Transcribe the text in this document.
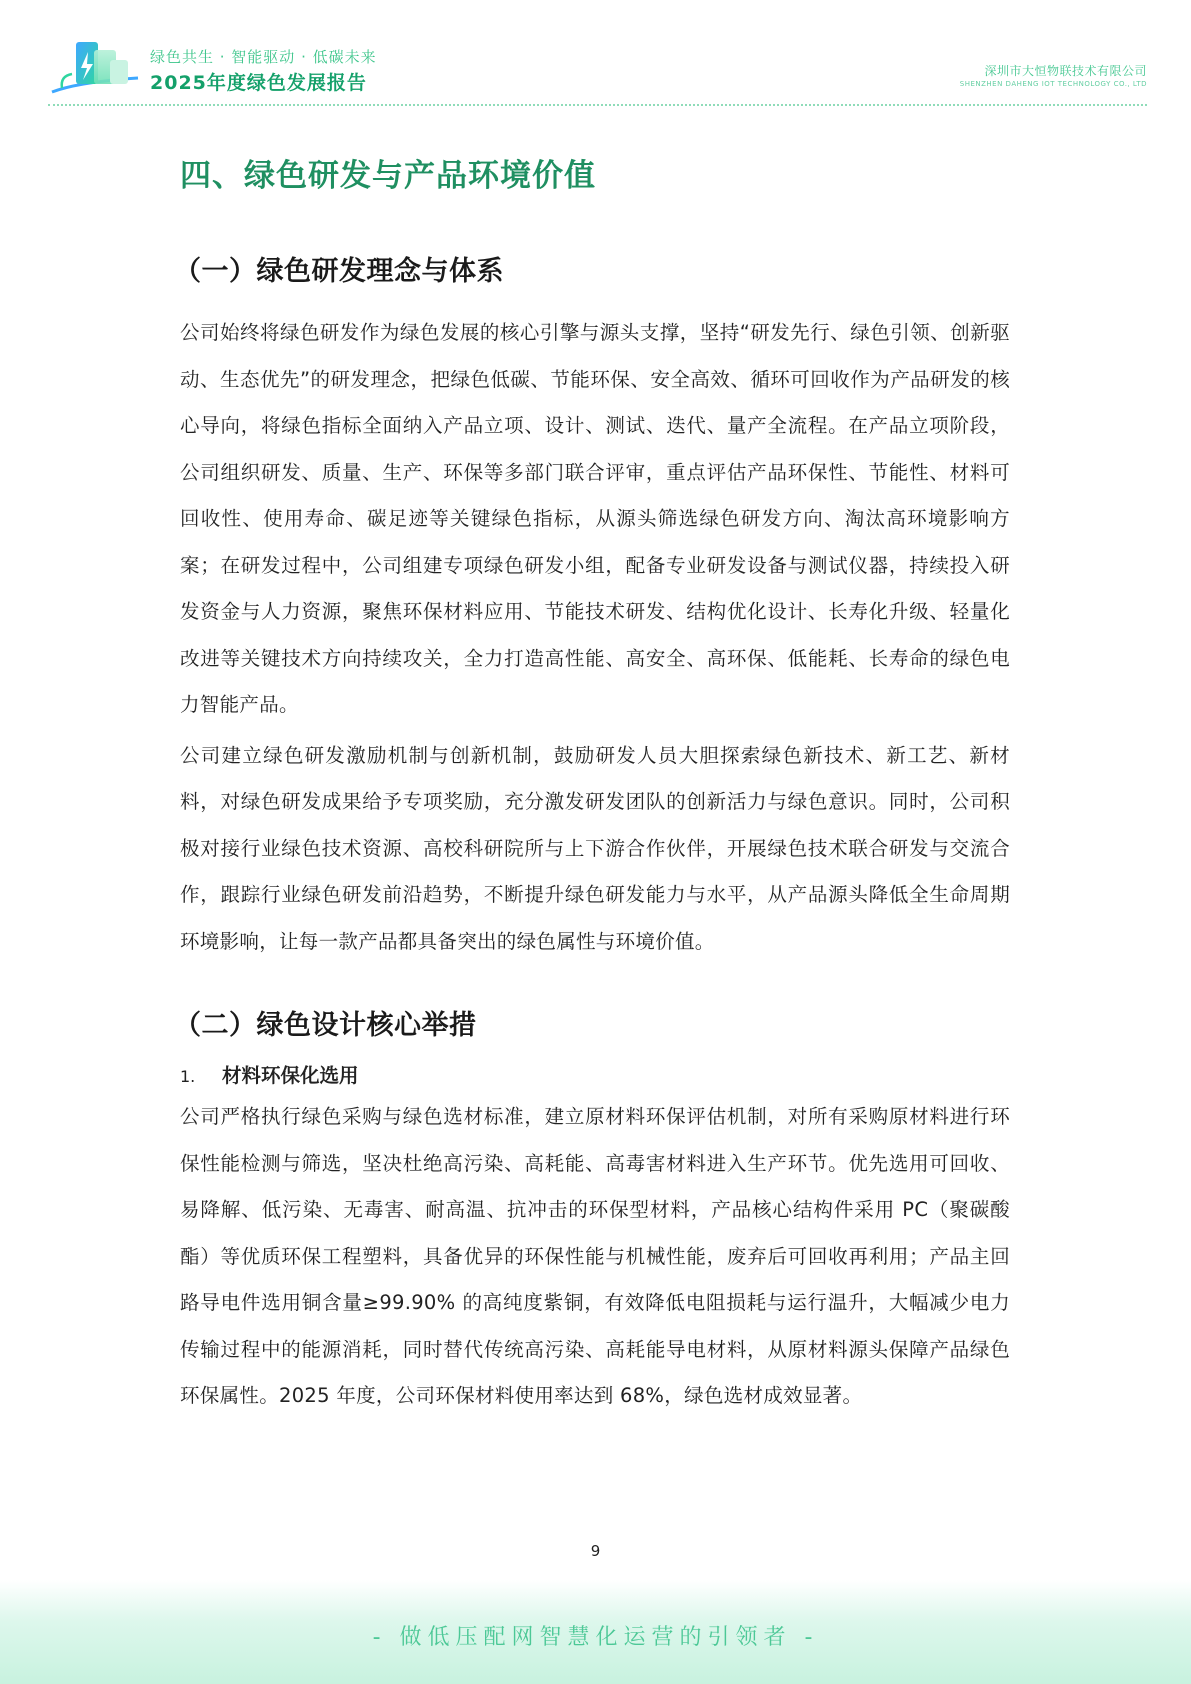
绿色共生 · 智能驱动 · 低碳未来
2025年度绿色发展报告
深圳市大恒物联技术有限公司
SHENZHEN DAHENG IOT TECHNOLOGY CO., LTD
四、绿色研发与产品环境价值
（一）绿色研发理念与体系

公司始终将绿色研发作为绿色发展的核心引擎与源头支撑，坚持“研发先行、绿色引领、创新驱动、生态优先”的研发理念，把绿色低碳、节能环保、安全高效、循环可回收作为产品研发的核心导向，将绿色指标全面纳入产品立项、设计、测试、迭代、量产全流程。在产品立项阶段，公司组织研发、质量、生产、环保等多部门联合评审，重点评估产品环保性、节能性、材料可回收性、使用寿命、碳足迹等关键绿色指标，从源头筛选绿色研发方向、淘汰高环境影响方案；在研发过程中，公司组建专项绿色研发小组，配备专业研发设备与测试仪器，持续投入研发资金与人力资源，聚焦环保材料应用、节能技术研发、结构优化设计、长寿化升级、轻量化改进等关键技术方向持续攻关，全力打造高性能、高安全、高环保、低能耗、长寿命的绿色电力智能产品。

公司建立绿色研发激励机制与创新机制，鼓励研发人员大胆探索绿色新技术、新工艺、新材料，对绿色研发成果给予专项奖励，充分激发研发团队的创新活力与绿色意识。同时，公司积极对接行业绿色技术资源、高校科研院所与上下游合作伙伴，开展绿色技术联合研发与交流合作，跟踪行业绿色研发前沿趋势，不断提升绿色研发能力与水平，从产品源头降低全生命周期环境影响，让每一款产品都具备突出的绿色属性与环境价值。

（二）绿色设计核心举措
1. 材料环保化选用

公司严格执行绿色采购与绿色选材标准，建立原材料环保评估机制，对所有采购原材料进行环保性能检测与筛选，坚决杜绝高污染、高耗能、高毒害材料进入生产环节。优先选用可回收、易降解、低污染、无毒害、耐高温、抗冲击的环保型材料，产品核心结构件采用 PC（聚碳酸酯）等优质环保工程塑料，具备优异的环保性能与机械性能，废弃后可回收再利用；产品主回路导电件选用铜含量≥99.90% 的高纯度紫铜，有效降低电阻损耗与运行温升，大幅减少电力传输过程中的能源消耗，同时替代传统高污染、高耗能导电材料，从原材料源头保障产品绿色环保属性。2025 年度，公司环保材料使用率达到 68%，绿色选材成效显著。

9
- 做低压配网智慧化运营的引领者 -
